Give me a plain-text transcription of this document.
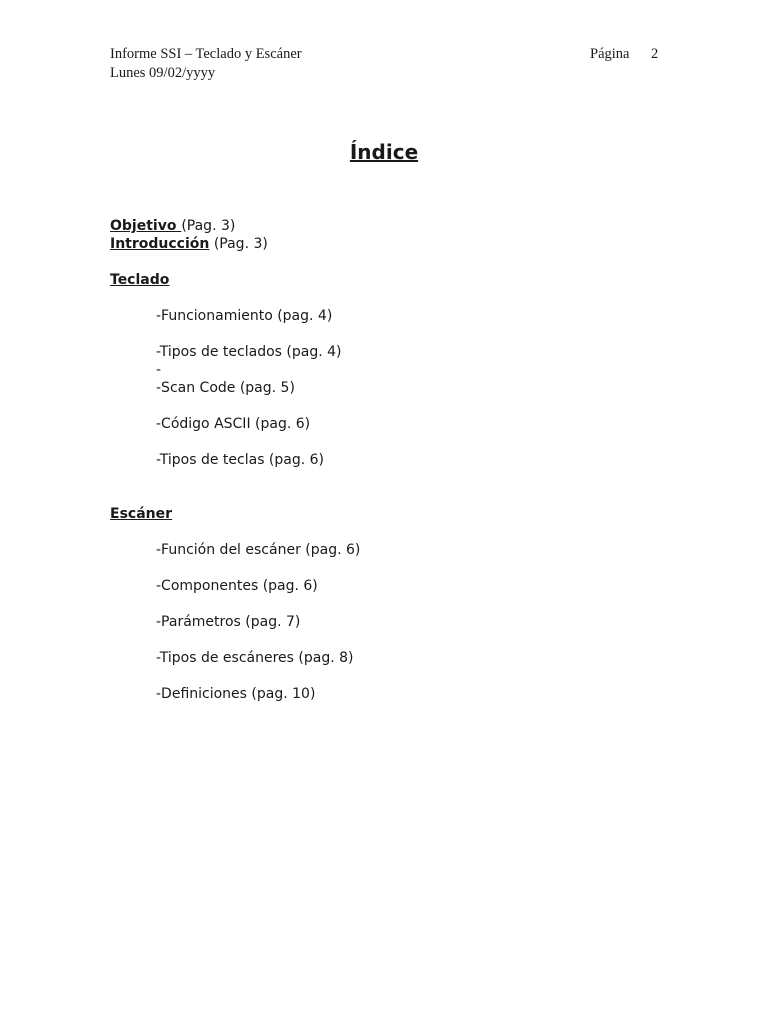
Informe SSI – Teclado y Escáner
Lunes 09/02/yyyy
Página 2
Índice
Objetivo (Pag. 3)
Introducción (Pag. 3)
Teclado
-Funcionamiento (pag. 4)
-Tipos de teclados (pag. 4)
-
-Scan Code (pag. 5)
-Código ASCII (pag. 6)
-Tipos de teclas (pag. 6)
Escáner
-Función del escáner (pag. 6)
-Componentes (pag. 6)
-Parámetros (pag. 7)
-Tipos de escáneres (pag. 8)
-Definiciones (pag. 10)
